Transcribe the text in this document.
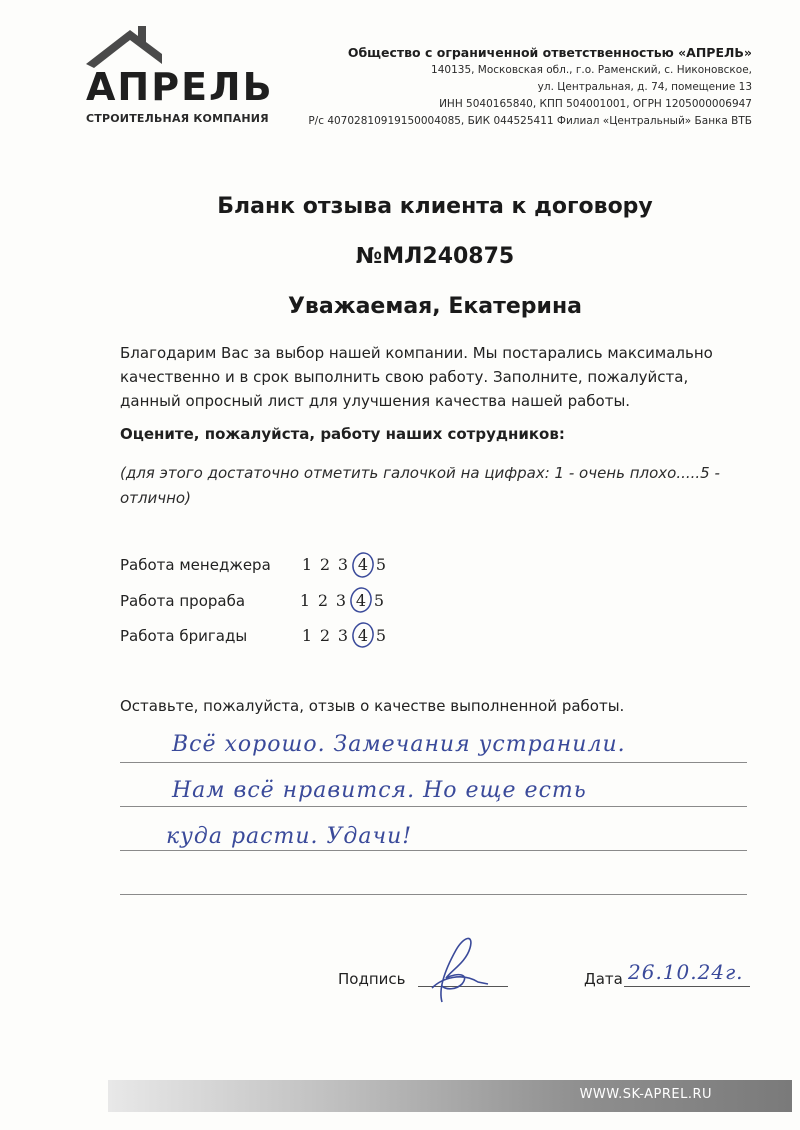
АПРЕЛЬ
СТРОИТЕЛЬНАЯ КОМПАНИЯ
Общество с ограниченной ответственностью «АПРЕЛЬ»
140135, Московская обл., г.о. Раменский, с. Никоновское,
ул. Центральная, д. 74, помещение 13
ИНН 5040165840, КПП 504001001, ОГРН 1205000006947
Р/с 40702810919150004085, БИК 044525411 Филиал «Центральный» Банка ВТБ
Бланк отзыва клиента к договору
№МЛ240875
Уважаемая, Екатерина
Благодарим Вас за выбор нашей компании. Мы постарались максимально качественно и в срок выполнить свою работу. Заполните, пожалуйста, данный опросный лист для улучшения качества нашей работы.
Оцените, пожалуйста, работу наших сотрудников:
(для этого достаточно отметить галочкой на цифрах: 1 - очень плохо.....5 - отлично)
Работа менеджера 1 2 3 4 5
Работа прораба	1 2 3 4 5
Работа бригады	1 2 3 4 5
Оставьте, пожалуйста, отзыв о качестве выполненной работы.
Всё хорошо. Замечания устранили.
Нам всё нравится. Но еще есть
куда расти. Удачи!
Подпись	Дата 26.10.24г.
WWW.SK-APREL.RU
